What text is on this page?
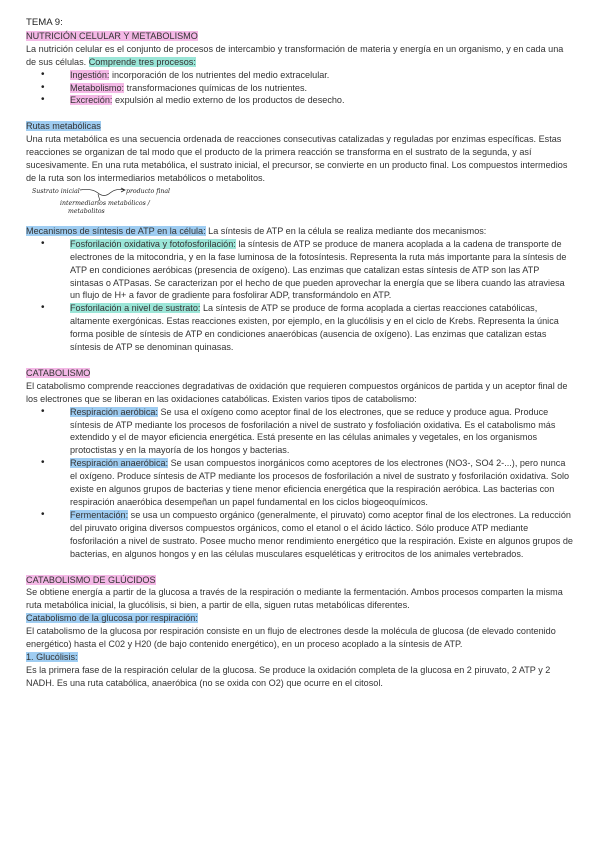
TEMA 9:
NUTRICIÓN CELULAR Y METABOLISMO

La nutrición celular es el conjunto de procesos de intercambio y transformación de materia y energía en un organismo, y en cada una de sus células. Comprende tres procesos:

• Ingestión: incorporación de los nutrientes del medio extracelular.
• Metabolismo: transformaciones químicas de los nutrientes.
• Excreción: expulsión al medio externo de los productos de desecho.
Rutas metabólicas

Una ruta metabólica es una secuencia ordenada de reacciones consecutivas catalizadas y reguladas por enzimas específicas. Estas reacciones se organizan de tal modo que el producto de la primera reacción se transforma en el sustrato de la segunda, y así sucesivamente. En una ruta metabólica, el sustrato inicial, el precursor, se convierte en un producto final. Los compuestos intermedios de la ruta son los intermediarios metabólicos o metabolitos.

Sustrato inicial	producto final
intermediarios metabólicos /
metabolitos

Mecanismos de síntesis de ATP en la célula: La síntesis de ATP en la célula se realiza mediante dos mecanismos:

• Fosforilación oxidativa y fotofosforilación: la síntesis de ATP se produce de manera acoplada a la cadena de transporte de electrones de la mitocondria, y en la fase luminosa de la fotosíntesis. Representa la ruta más importante para la síntesis de ATP en condiciones aeróbicas (presencia de oxígeno). Las enzimas que catalizan estas síntesis de ATP son las ATP sintasas o ATPasas. Se caracterizan por el hecho de que pueden aprovechar la energía que se libera cuando las atraviesa un flujo de H+ a favor de gradiente para fosfolirar ADP, transformándolo en ATP.
• Fosforilación a nivel de sustrato: La síntesis de ATP se produce de forma acoplada a ciertas reacciones catabólicas, altamente exergónicas. Estas reacciones existen, por ejemplo, en la glucólisis y en el ciclo de Krebs. Representa la única forma posible de síntesis de ATP en condiciones anaeróbicas (ausencia de oxígeno). Las enzimas que catalizan estas síntesis de ATP se denominan quinasas.
CATABOLISMO

El catabolismo comprende reacciones degradativas de oxidación que requieren compuestos orgánicos de partida y un aceptor final de los electrones que se liberan en las oxidaciones catabólicas. Existen varios tipos de catabolismo:

• Respiración aeróbica: Se usa el oxígeno como aceptor final de los electrones, que se reduce y produce agua. Produce síntesis de ATP mediante los procesos de fosforilación a nivel de sustrato y fosfoliación oxidativa. Es el catabolismo más extendido y el de mayor eficiencia energética. Está presente en las células animales y vegetales, en los organismos protoctistas y en la mayoría de los hongos y bacterias.
• Respiración anaeróbica: Se usan compuestos inorgánicos como aceptores de los electrones (NO3-, SO4 2-...), pero nunca el oxígeno. Produce síntesis de ATP mediante los procesos de fosforilación a nivel de sustrato y fosforilación oxidativa. Solo existe en algunos grupos de bacterias y tiene menor eficiencia energética que la respiración aeróbica. Las bacterias con respiración anaeróbica desempeñan un papel fundamental en los ciclos biogeoquímicos.
• Fermentación: se usa un compuesto orgánico (generalmente, el piruvato) como aceptor final de los electrones. La reducción del piruvato origina diversos compuestos orgánicos, como el etanol o el ácido láctico. Sólo produce ATP mediante fosforilación a nivel de sustrato. Posee mucho menor rendimiento energético que la respiración. Existe en algunos grupos de bacterias, en algunos hongos y en las células musculares esqueléticas y eritrocitos de los animales vertebrados.
CATABOLISMO DE GLÚCIDOS

Se obtiene energía a partir de la glucosa a través de la respiración o mediante la fermentación. Ambos procesos comparten la misma ruta metabólica inicial, la glucólisis, si bien, a partir de ella, siguen rutas metabólicas diferentes.

Catabolismo de la glucosa por respiración:

El catabolismo de la glucosa por respiración consiste en un flujo de electrones desde la molécula de glucosa (de elevado contenido energético) hasta el C02 y H20 (de bajo contenido energético), en un proceso acoplado a la síntesis de ATP.

1. Glucólisis:

Es la primera fase de la respiración celular de la glucosa. Se produce la oxidación completa de la glucosa en 2 piruvato, 2 ATP y 2 NADH. Es una ruta catabólica, anaeróbica (no se oxida con O2) que ocurre en el citosol.
